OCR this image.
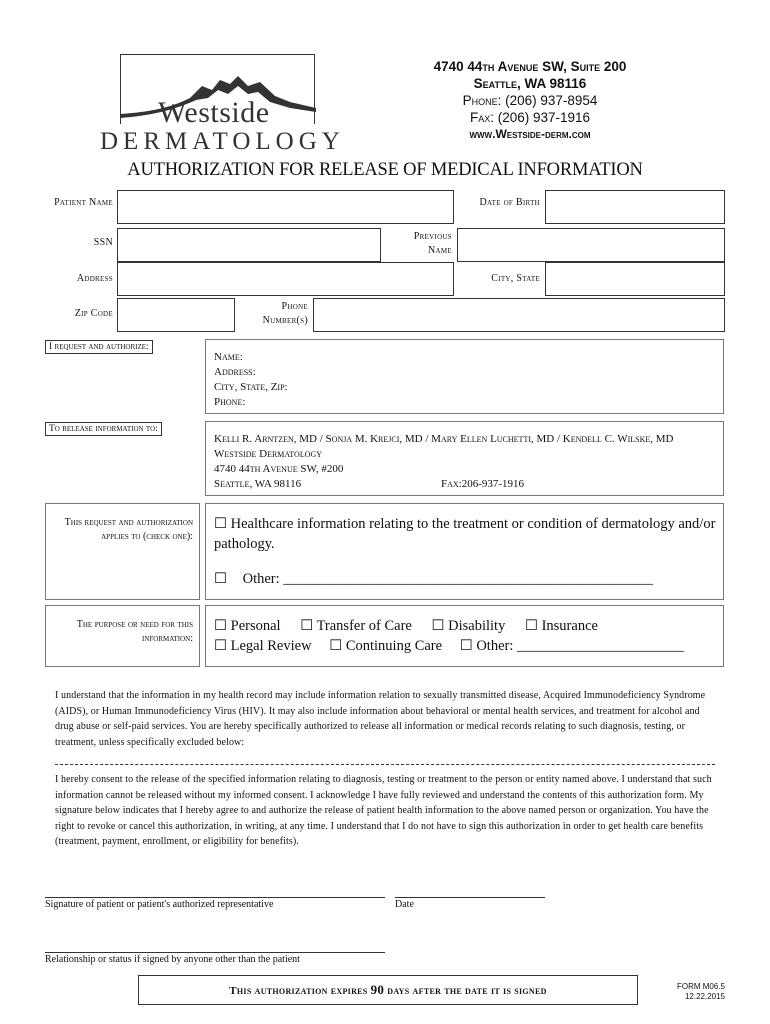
Westside
DERMATOLOGY
4740 44th Avenue SW, Suite 200
Seattle, WA 98116
Phone: (206) 937-8954
Fax: (206) 937-1916
www.Westside-derm.com
AUTHORIZATION FOR RELEASE OF MEDICAL INFORMATION
Patient Name	Date of Birth
SSN
Previous Name
Address	City, State
Zip Code
Phone Number(s)
I request and authorize:
Name:
Address:
City, State, Zip:
Phone:
To release information to:
Kelli R. Arntzen, MD / Sonja M. Krejci, MD / Mary Ellen Luchetti, MD / Kendell C. Wilske, MD
Westside Dermatology
4740 44th Avenue SW, #200
Seattle, WA 98116	Fax:206-937-1916
This request and authorization applies to (check one):
☐ Healthcare information relating to the treatment or condition of dermatology and/or pathology.
☐ Other: ___________________________________________________
The purpose or need for this information:
☐ Personal ☐ Transfer of Care ☐ Disability ☐ Insurance
☐ Legal Review ☐ Continuing Care ☐ Other: _______________________
I understand that the information in my health record may include information relation to sexually transmitted disease, Acquired Immunodeficiency Syndrome (AIDS), or Human Immunodeficiency Virus (HIV). It may also include information about behavioral or mental health services, and treatment for alcohol and drug abuse or self-paid services. You are hereby specifically authorized to release all information or medical records relating to such diagnosis, testing, or treatment, unless specifically excluded below:
I hereby consent to the release of the specified information relating to diagnosis, testing or treatment to the person or entity named above. I understand that such information cannot be released without my informed consent. I acknowledge I have fully reviewed and understand the contents of this authorization form. My signature below indicates that I hereby agree to and authorize the release of patient health information to the above named person or organization. You have the right to revoke or cancel this authorization, in writing, at any time. I understand that I do not have to sign this authorization in order to get health care benefits (treatment, payment, enrollment, or eligibility for benefits).
Signature of patient or patient's authorized representative	Date
Relationship or status if signed by anyone other than the patient
This authorization expires 90 days after the date it is signed	FORM M06.5
12.22.2015
